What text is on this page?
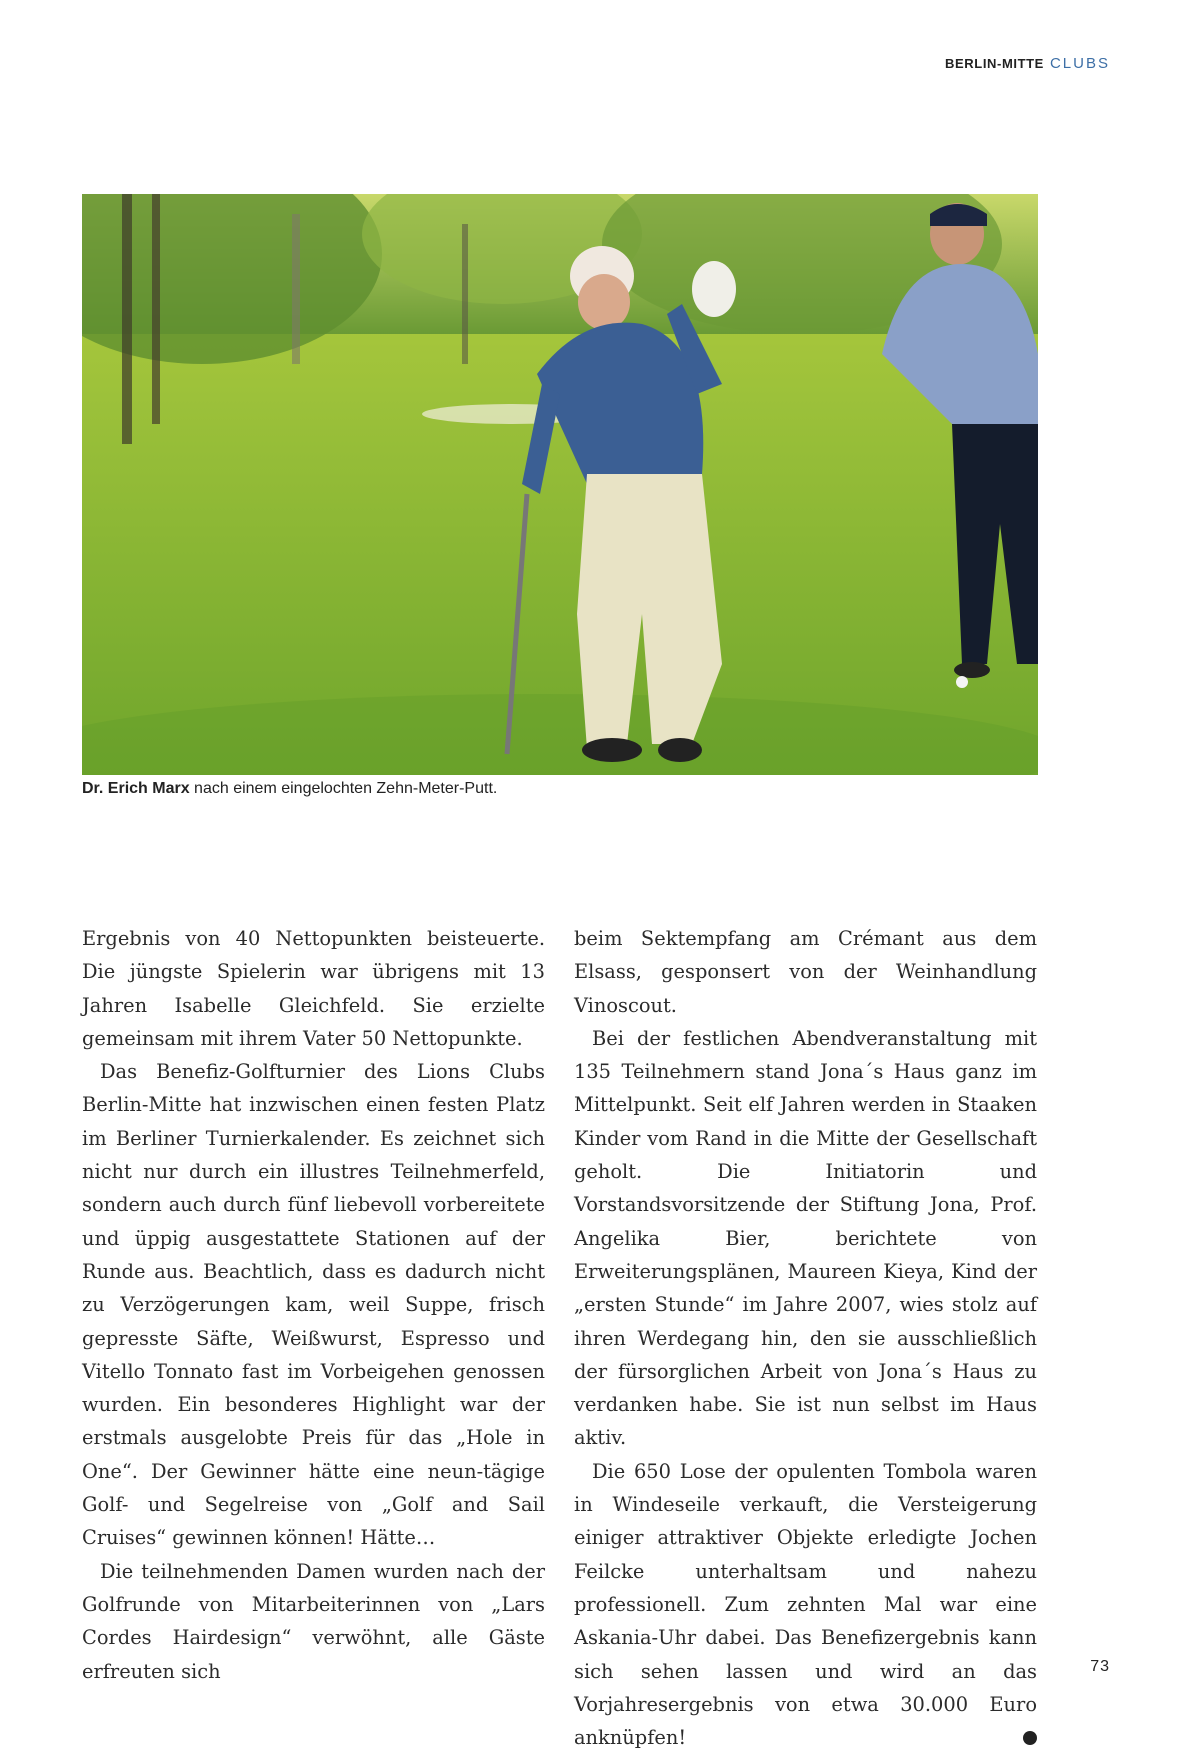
BERLIN-MITTE CLUBS
Dr. Erich Marx nach einem eingelochten Zehn-Meter-Putt.

Ergebnis von 40 Nettopunkten beisteuerte. Die jüngste Spielerin war übrigens mit 13 Jahren Isabelle Gleichfeld. Sie erzielte gemeinsam mit ihrem Vater 50 Nettopunkte.

Das Benefiz-Golfturnier des Lions Clubs Berlin-Mitte hat inzwischen einen festen Platz im Berliner Turnierkalender. Es zeichnet sich nicht nur durch ein illustres Teilnehmerfeld, sondern auch durch fünf liebevoll vorbereitete und üppig ausgestattete Stationen auf der Runde aus. Beachtlich, dass es dadurch nicht zu Verzögerungen kam, weil Suppe, frisch gepresste Säfte, Weißwurst, Espresso und Vitello Tonnato fast im Vorbeigehen genossen wurden. Ein besonderes Highlight war der erstmals ausgelobte Preis für das „Hole in One“. Der Gewinner hätte eine neun-tägige Golf- und Segelreise von „Golf and Sail Cruises“ gewinnen können! Hätte…

Die teilnehmenden Damen wurden nach der Golfrunde von Mitarbeiterinnen von „Lars Cordes Hairdesign“ verwöhnt, alle Gäste erfreuten sich

beim Sektempfang am Crémant aus dem Elsass, gesponsert von der Weinhandlung Vinoscout.

Bei der festlichen Abendveranstaltung mit 135 Teilnehmern stand Jona´s Haus ganz im Mittelpunkt. Seit elf Jahren werden in Staaken Kinder vom Rand in die Mitte der Gesellschaft geholt. Die Initiatorin und Vorstandsvorsitzende der Stiftung Jona, Prof. Angelika Bier, berichtete von Erweiterungsplänen, Maureen Kieya, Kind der „ersten Stunde“ im Jahre 2007, wies stolz auf ihren Werdegang hin, den sie ausschließlich der fürsorglichen Arbeit von Jona´s Haus zu verdanken habe. Sie ist nun selbst im Haus aktiv.

Die 650 Lose der opulenten Tombola waren in Windeseile verkauft, die Versteigerung einiger attraktiver Objekte erledigte Jochen Feilcke unterhaltsam und nahezu professionell. Zum zehnten Mal war eine Askania-Uhr dabei. Das Benefizergebnis kann sich sehen lassen und wird an das Vorjahresergebnis von etwa 30.000 Euro anknüpfen!	L

73
